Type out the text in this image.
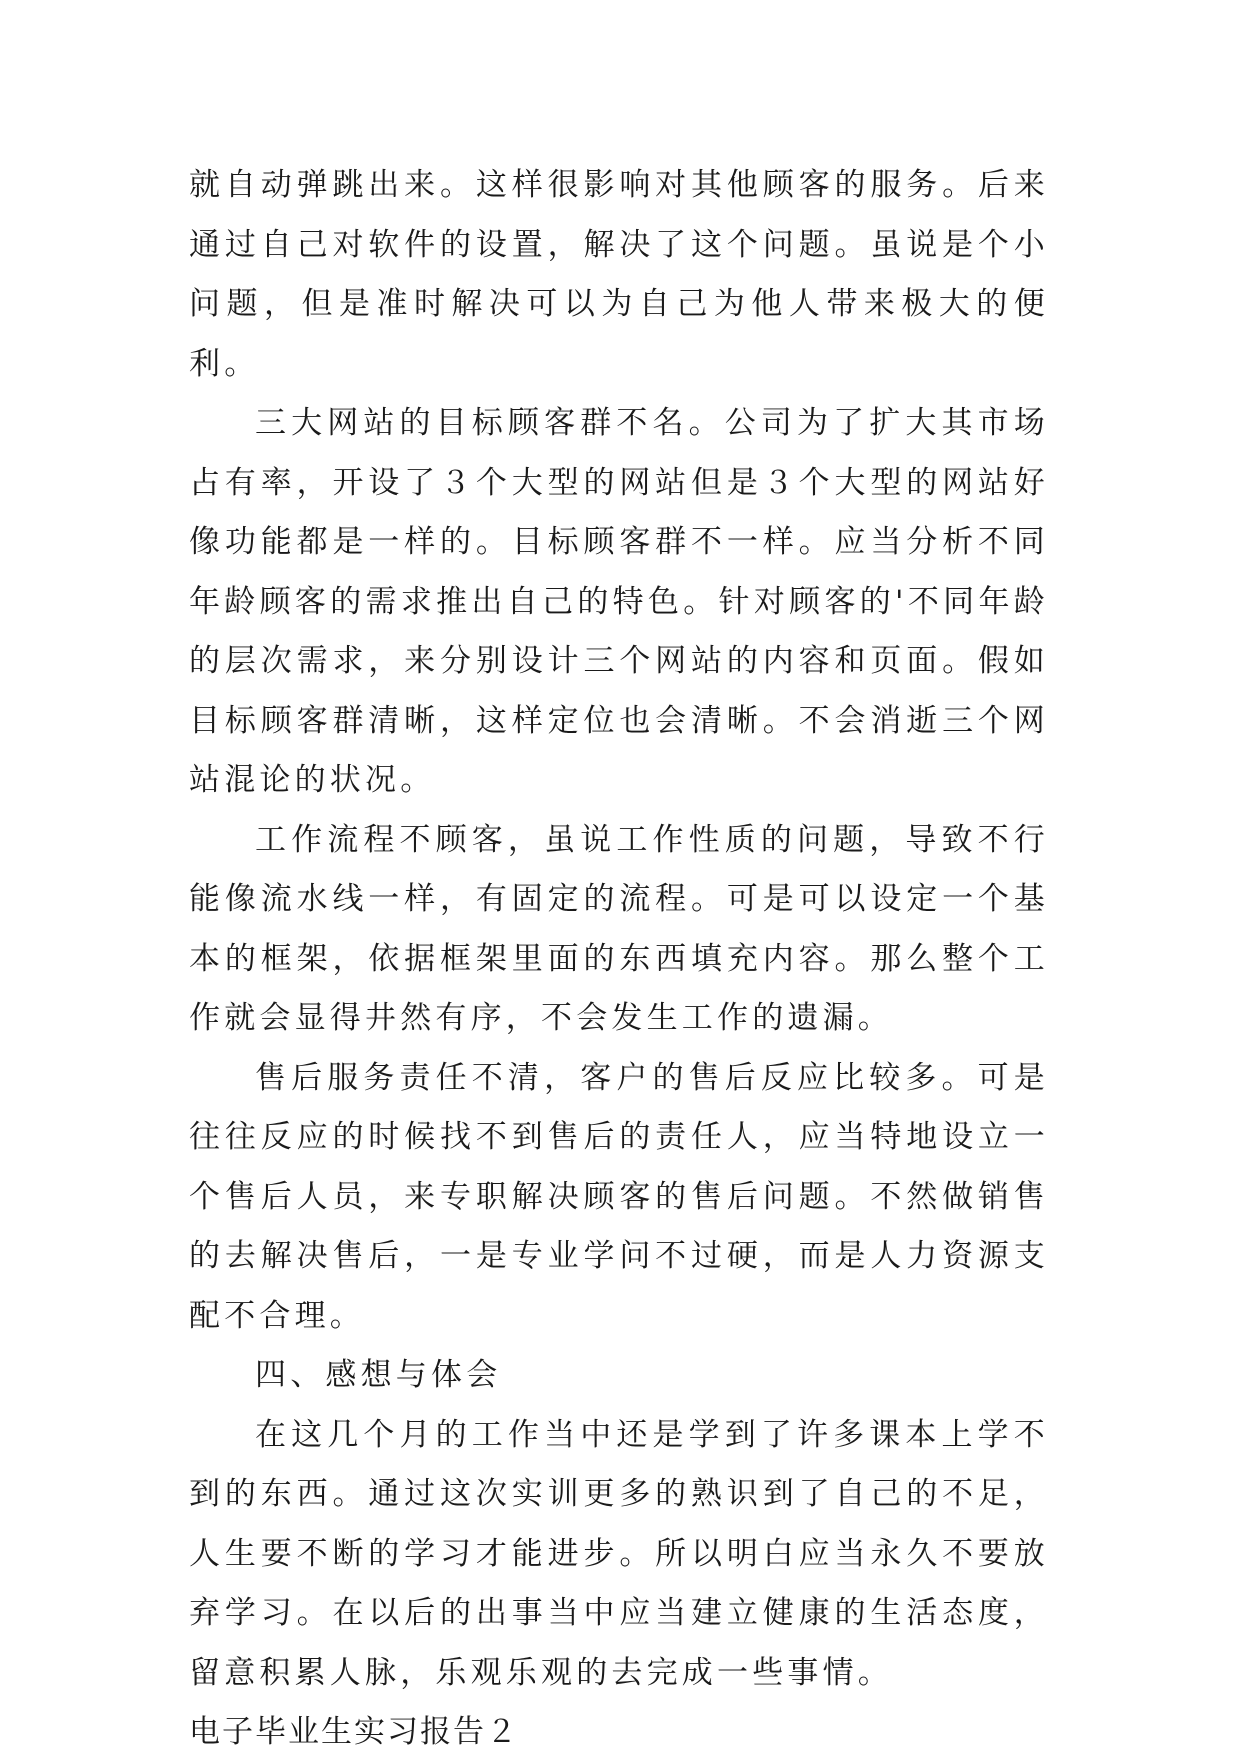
就自动弹跳出来。这样很影响对其他顾客的服务。后来通过自己对软件的设置，解决了这个问题。虽说是个小问题，但是准时解决可以为自己为他人带来极大的便利。

三大网站的目标顾客群不名。公司为了扩大其市场占有率，开设了３个大型的网站但是３个大型的网站好像功能都是一样的。目标顾客群不一样。应当分析不同年龄顾客的需求推出自己的特色。针对顾客的'不同年龄的层次需求，来分别设计三个网站的内容和页面。假如目标顾客群清晰，这样定位也会清晰。不会消逝三个网站混论的状况。

工作流程不顾客，虽说工作性质的问题，导致不行能像流水线一样，有固定的流程。可是可以设定一个基本的框架，依据框架里面的东西填充内容。那么整个工作就会显得井然有序，不会发生工作的遗漏。

售后服务责任不清，客户的售后反应比较多。可是往往反应的时候找不到售后的责任人，应当特地设立一个售后人员，来专职解决顾客的售后问题。不然做销售的去解决售后，一是专业学问不过硬，而是人力资源支配不合理。

四、感想与体会

在这几个月的工作当中还是学到了许多课本上学不到的东西。通过这次实训更多的熟识到了自己的不足，人生要不断的学习才能进步。所以明白应当永久不要放弃学习。在以后的出事当中应当建立健康的生活态度，留意积累人脉，乐观乐观的去完成一些事情。

电子毕业生实习报告２
